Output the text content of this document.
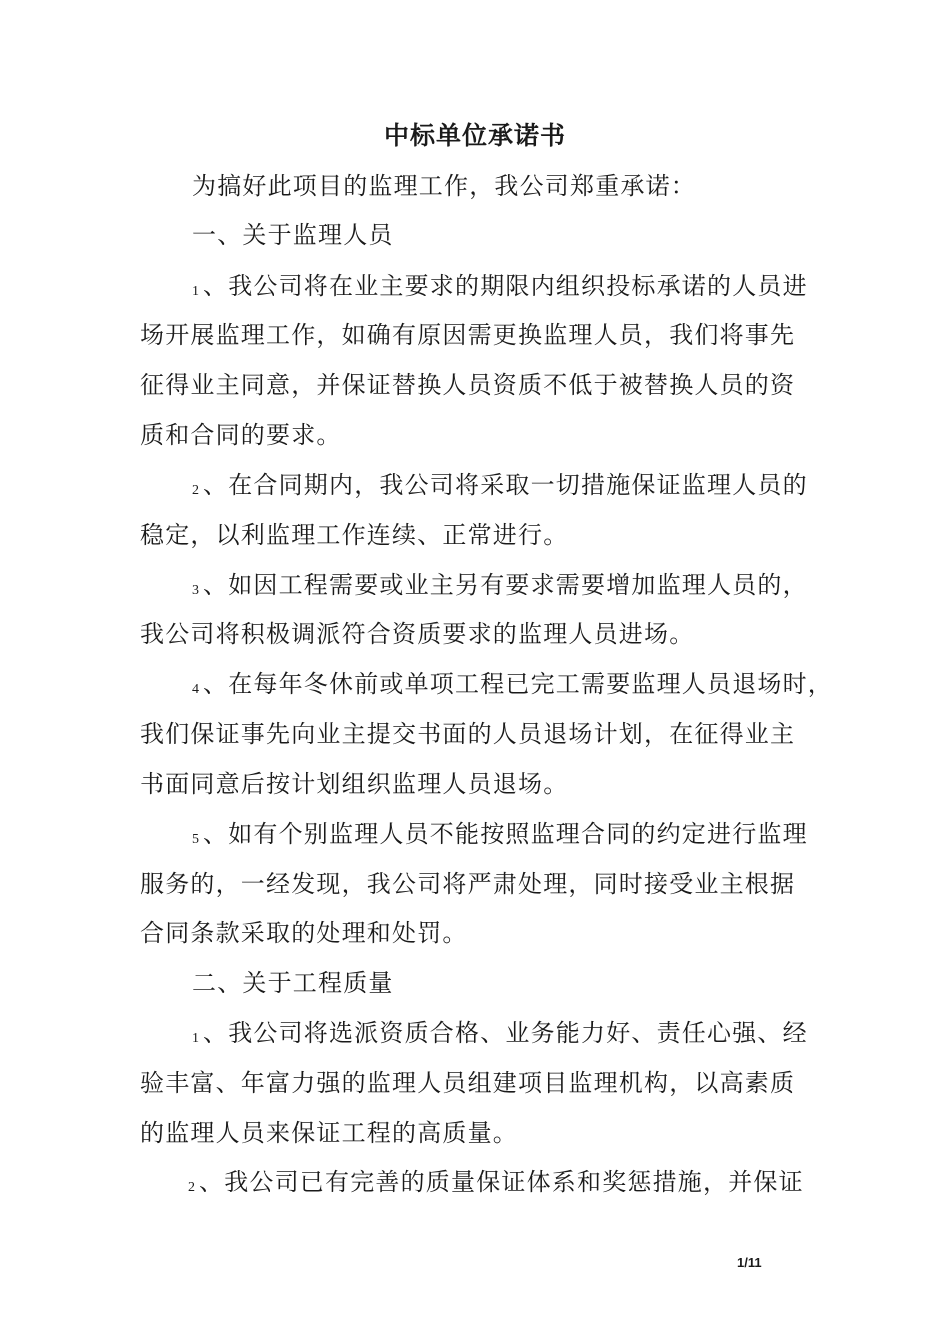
中标单位承诺书
为搞好此项目的监理工作，我公司郑重承诺：
一、关于监理人员
1 、我公司将在业主要求的期限内组织投标承诺的人员进
场开展监理工作，如确有原因需更换监理人员，我们将事先
征得业主同意，并保证替换人员资质不低于被替换人员的资
质和合同的要求。
2 、在合同期内，我公司将采取一切措施保证监理人员的
稳定，以利监理工作连续、正常进行。
3 、如因工程需要或业主另有要求需要增加监理人员的，
我公司将积极调派符合资质要求的监理人员进场。
4 、在每年冬休前或单项工程已完工需要监理人员退场时，
我们保证事先向业主提交书面的人员退场计划，在征得业主
书面同意后按计划组织监理人员退场。
5 、如有个别监理人员不能按照监理合同的约定进行监理
服务的，一经发现，我公司将严肃处理，同时接受业主根据
合同条款采取的处理和处罚。
二、关于工程质量
1 、我公司将选派资质合格、业务能力好、责任心强、经
验丰富、年富力强的监理人员组建项目监理机构，以高素质
的监理人员来保证工程的高质量。
2 、我公司已有完善的质量保证体系和奖惩措施，并保证
1/11
